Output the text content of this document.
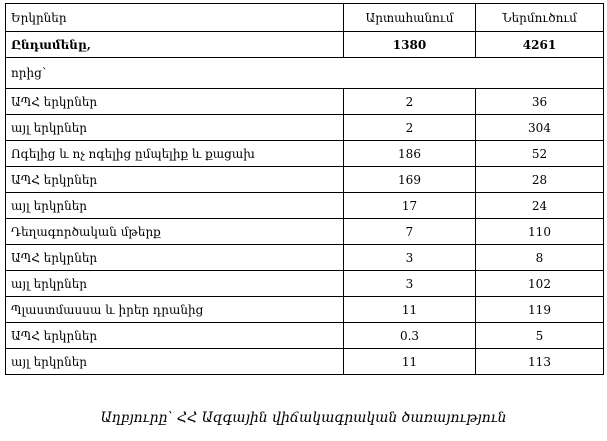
Երկրներ	Արտահանում	Ներմուծում
Ընդամենը,	1380	4261
որից՝		
ԱՊՀ երկրներ	2	36
այլ երկրներ	2	304
Ոգելից և ոչ ոգելից ըմպելիք և քացախ	186	52
ԱՊՀ երկրներ	169	28
այլ երկրներ	17	24
Դեղագործական մթերք	7	110
ԱՊՀ երկրներ	3	8
այլ երկրներ	3	102
Պլաստմասսա և իրեր դրանից	11	119
ԱՊՀ երկրներ	0.3	5
այլ երկրներ	11	113
Աղբյուրը՝ ՀՀ Ազգային վիճակագրական ծառայություն
